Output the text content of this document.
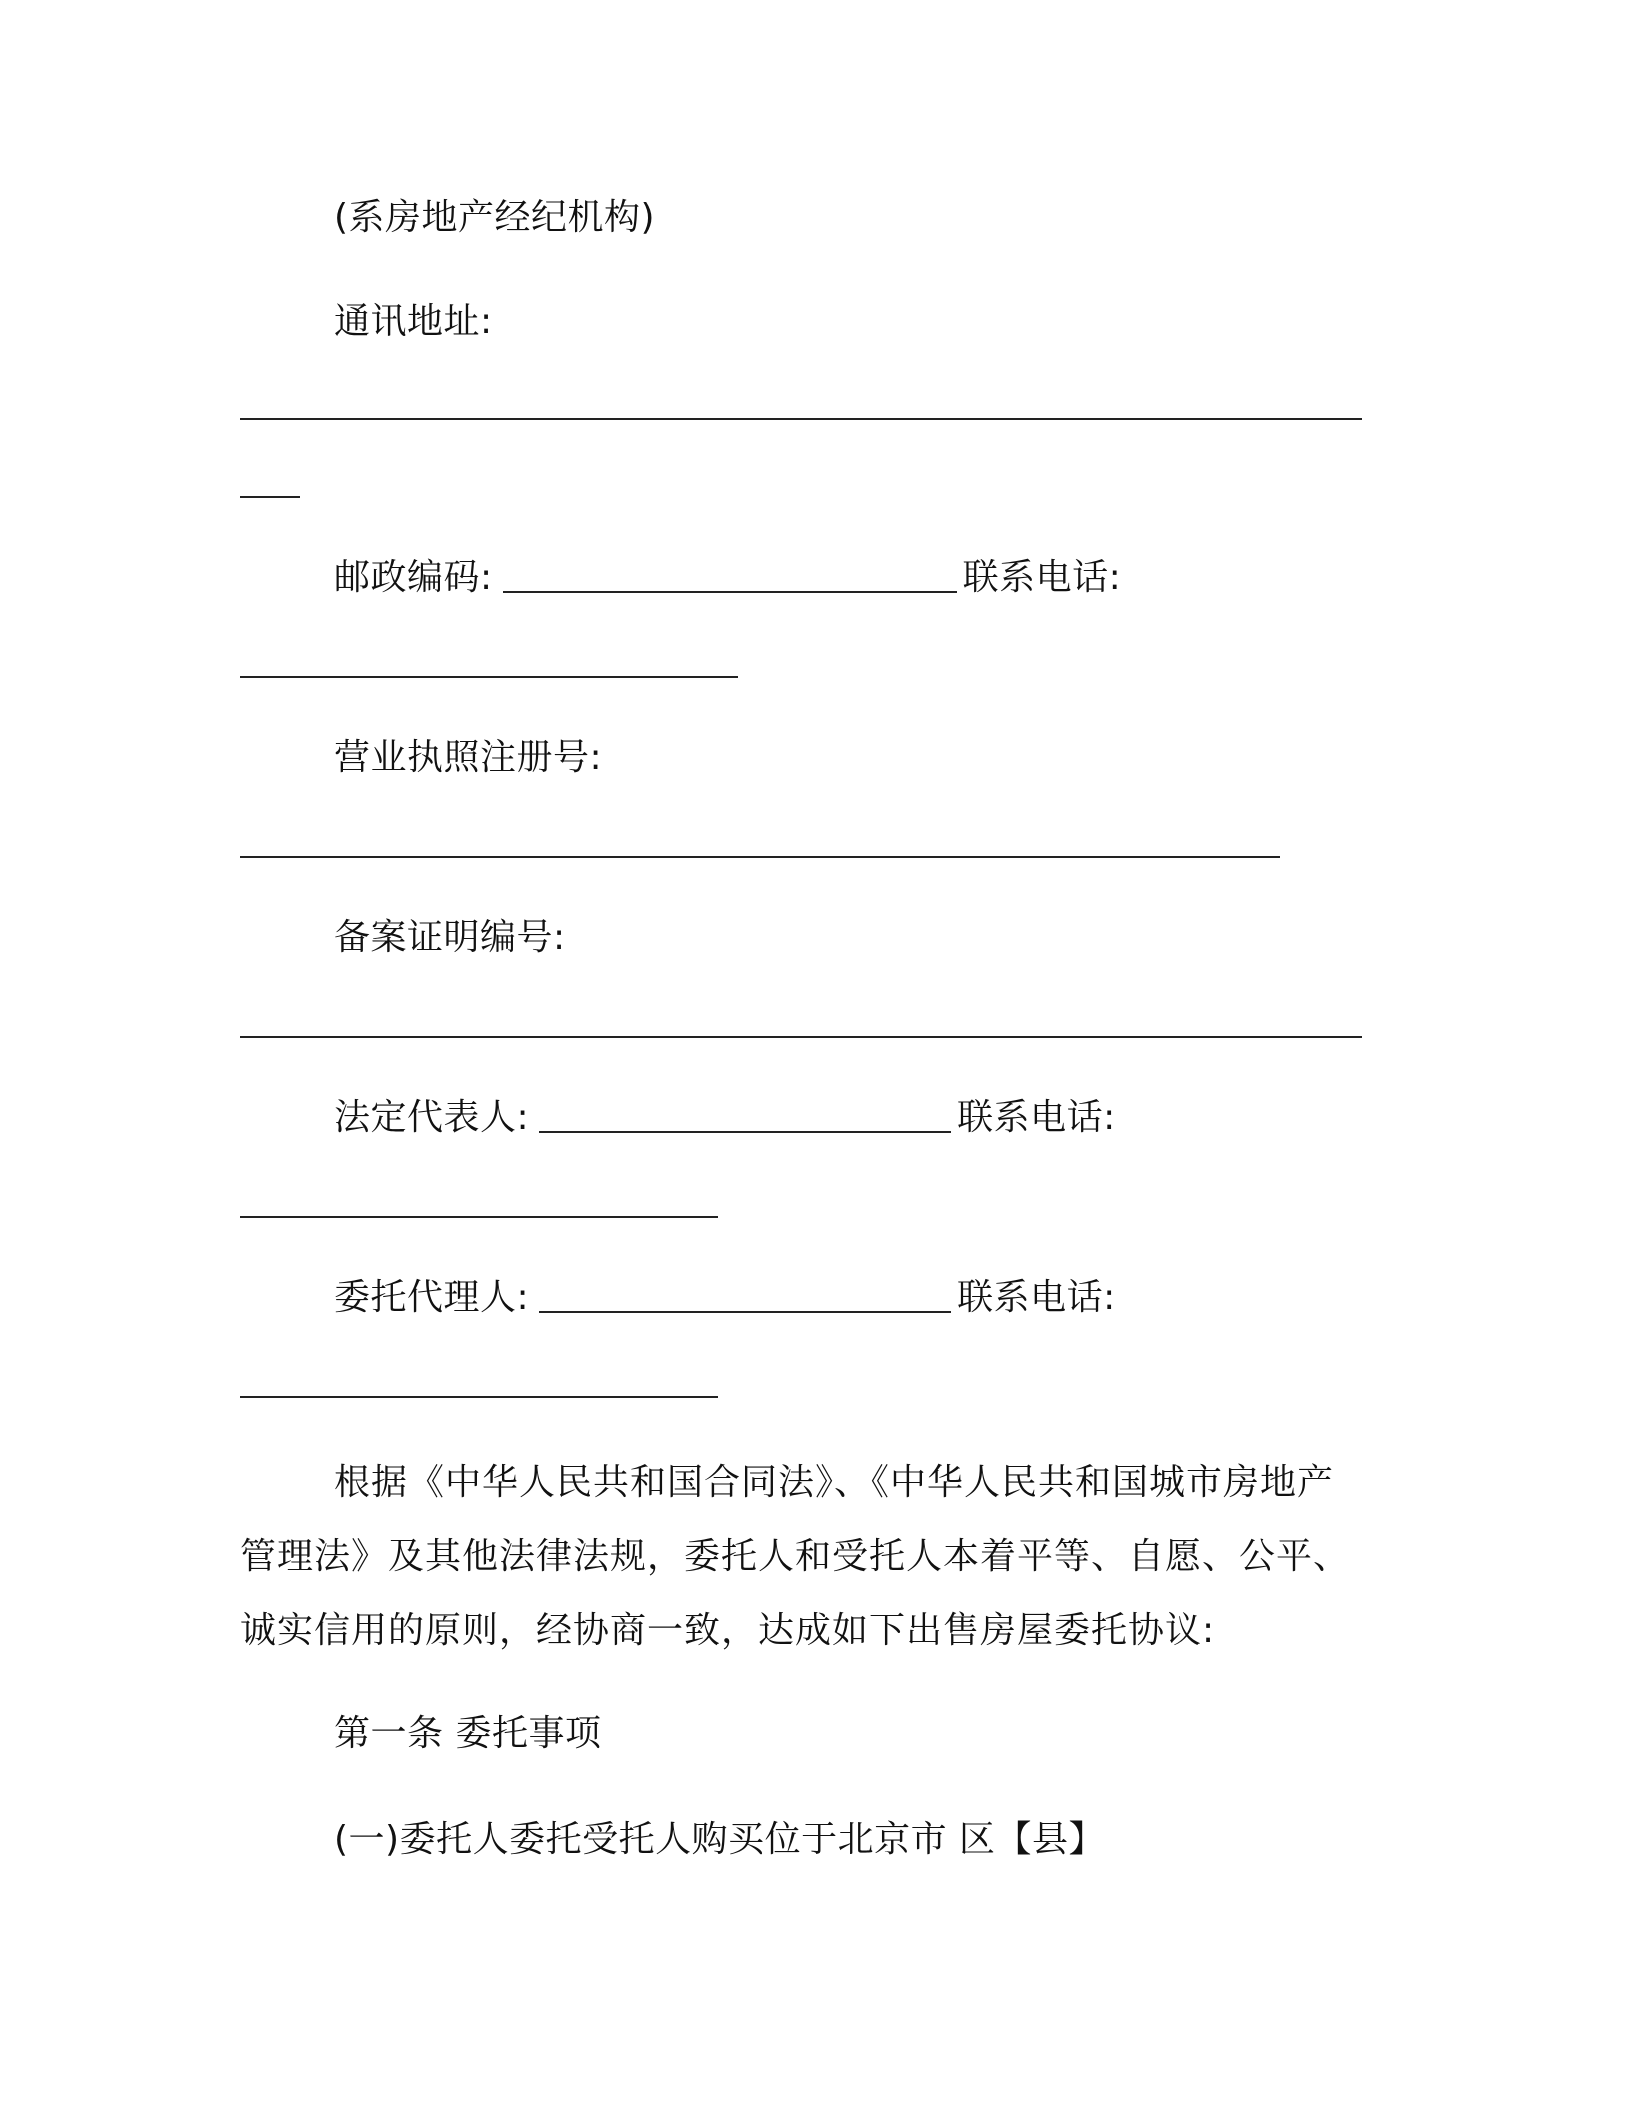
(系房地产经纪机构)
通讯地址:
邮政编码:	联系电话:
营业执照注册号:
备案证明编号:
法定代表人:	联系电话:
委托代理人:	联系电话:
根据《中华人民共和国合同法》、《中华人民共和国城市房地产管理法》及其他法律法规，委托人和受托人本着平等、自愿、公平、诚实信用的原则，经协商一致，达成如下出售房屋委托协议:
第一条 委托事项
(一)委托人委托受托人购买位于北京市 区【县】
